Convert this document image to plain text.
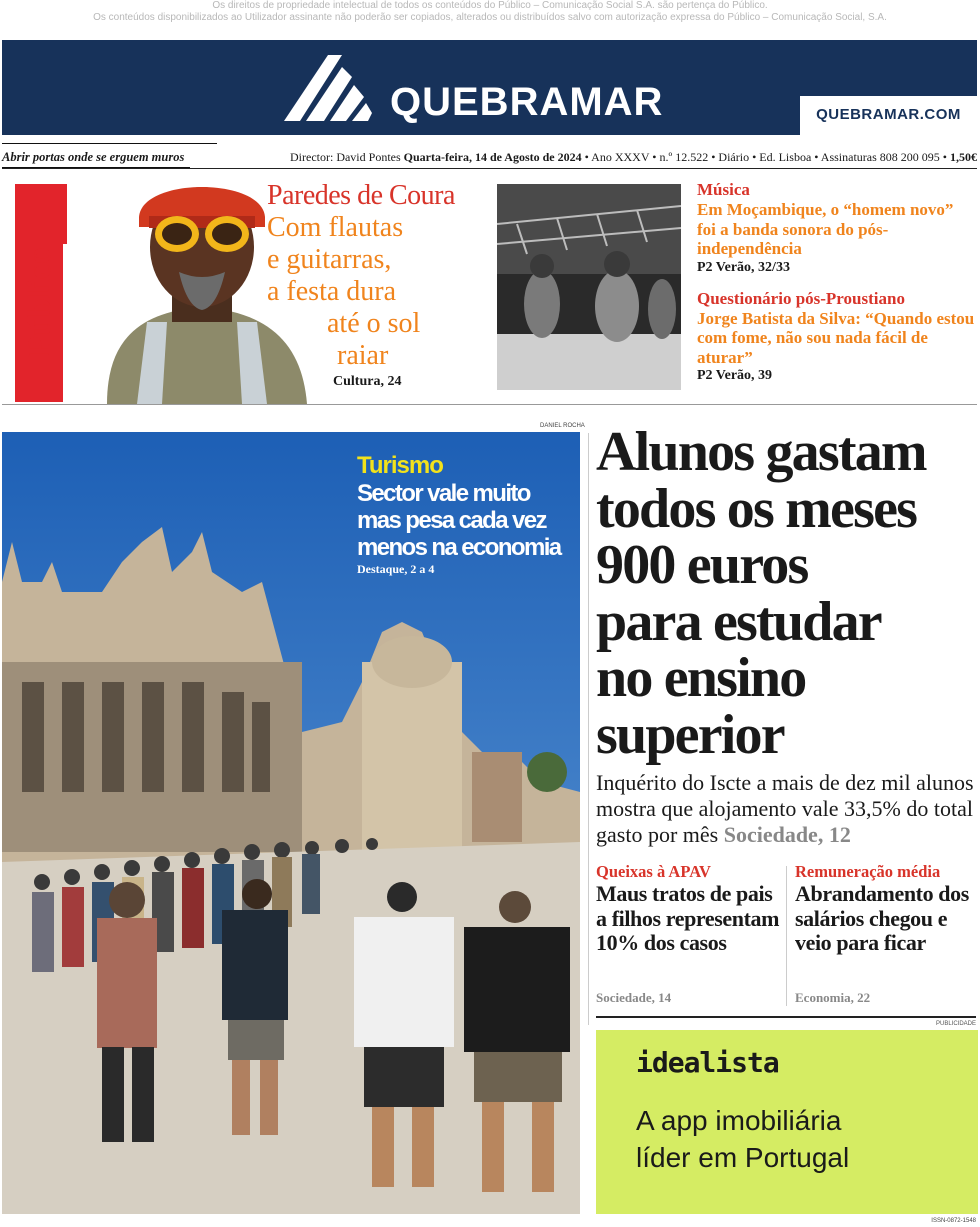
Os direitos de propriedade intelectual de todos os conteúdos do Público – Comunicação Social S.A. são pertença do Público.
Os conteúdos disponibilizados ao Utilizador assinante não poderão ser copiados, alterados ou distribuídos salvo com autorização expressa do Público – Comunicação Social, S.A.
QUEBRAMAR	QUEBRAMAR.COM
Abrir portas onde se erguem muros	Director: David Pontes Quarta-feira, 14 de Agosto de 2024 • Ano XXXV • n.º 12.522 • Diário • Ed. Lisboa • Assinaturas 808 200 095 • 1,50€
Público
Paredes de Coura
Com flautas
e guitarras,
a festa dura
até o sol
raiar
Cultura, 24
Música
Em Moçambique, o “homem novo” foi a banda sonora do pós-independência
P2 Verão, 32/33
Questionário pós-Proustiano
Jorge Batista da Silva: “Quando estou com fome, não sou nada fácil de aturar”
P2 Verão, 39
DANIEL ROCHA
Turismo
Sector vale muito
mas pesa cada vez
menos na economia
Destaque, 2 a 4
Alunos gastam
todos os meses
900 euros
para estudar
no ensino
superior
Inquérito do Iscte a mais de dez mil alunos mostra que alojamento vale 33,5% do total gasto por mês Sociedade, 12
Queixas à APAV
Maus tratos de pais a filhos representam 10% dos casos
Sociedade, 14
Remuneração média
Abrandamento dos salários chegou e veio para ficar
Economia, 22
PUBLICIDADE
idealista
A app imobiliária
líder em Portugal
ISSN-0872-1548
